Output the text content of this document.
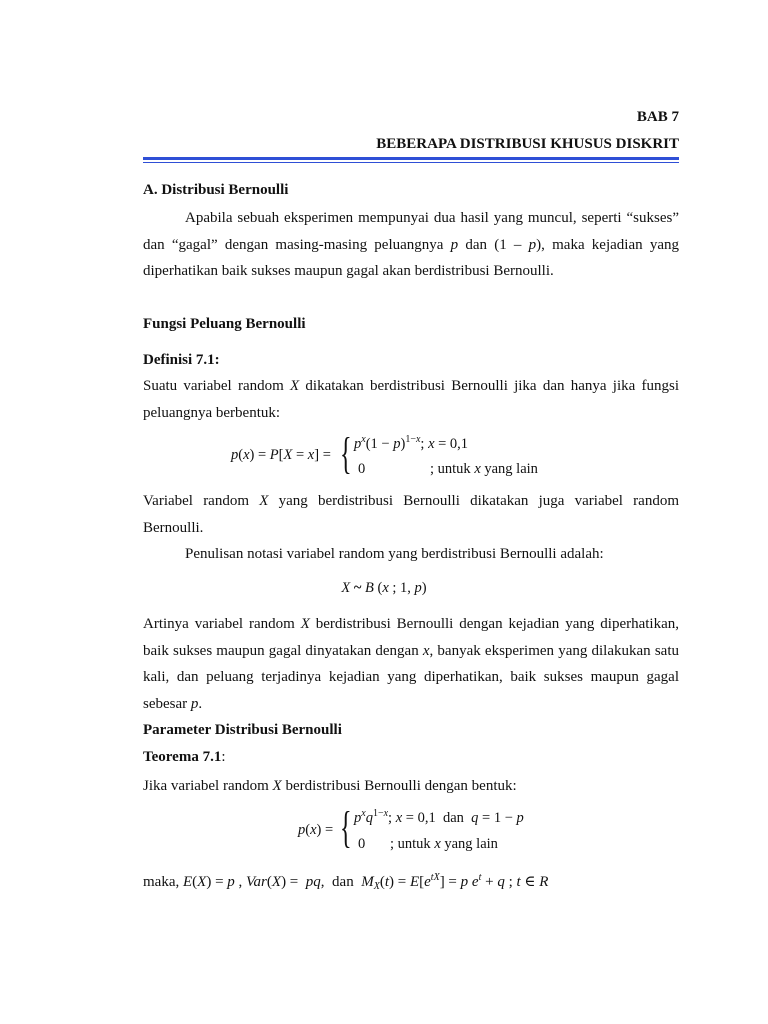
BAB 7
BEBERAPA DISTRIBUSI KHUSUS DISKRIT
A. Distribusi Bernoulli
Apabila sebuah eksperimen mempunyai dua hasil yang muncul, seperti “sukses” dan “gagal” dengan masing-masing peluangnya p dan (1 – p), maka kejadian yang diperhatikan baik sukses maupun gagal akan berdistribusi Bernoulli.
Fungsi Peluang Bernoulli
Definisi 7.1:
Suatu variabel random X dikatakan berdistribusi Bernoulli jika dan hanya jika fungsi peluangnya berbentuk:
p(x) = P[X = x] = { $p^x(1 - p)^{1-x}$; x = 0,1
0	; untuk x yang lain
Variabel random X yang berdistribusi Bernoulli dikatakan juga variabel random Bernoulli.
Penulisan notasi variabel random yang berdistribusi Bernoulli adalah:
X ~ B (x ; 1, p)
Artinya variabel random X berdistribusi Bernoulli dengan kejadian yang diperhatikan, baik sukses maupun gagal dinyatakan dengan x, banyak eksperimen yang dilakukan satu kali, dan peluang terjadinya kejadian yang diperhatikan, baik sukses maupun gagal sebesar p.
Parameter Distribusi Bernoulli
Teorema 7.1:
Jika variabel random X berdistribusi Bernoulli dengan bentuk:
p(x) = { $p^xq^{1-x}$; x = 0,1  dan  q = 1 − p
0 ; untuk x yang lain
maka, E(X) = p , Var(X) =  pq,  dan  $M_X(t) = E[e^{tX}] = p$ $e^t + q$ ; t ∈ R
